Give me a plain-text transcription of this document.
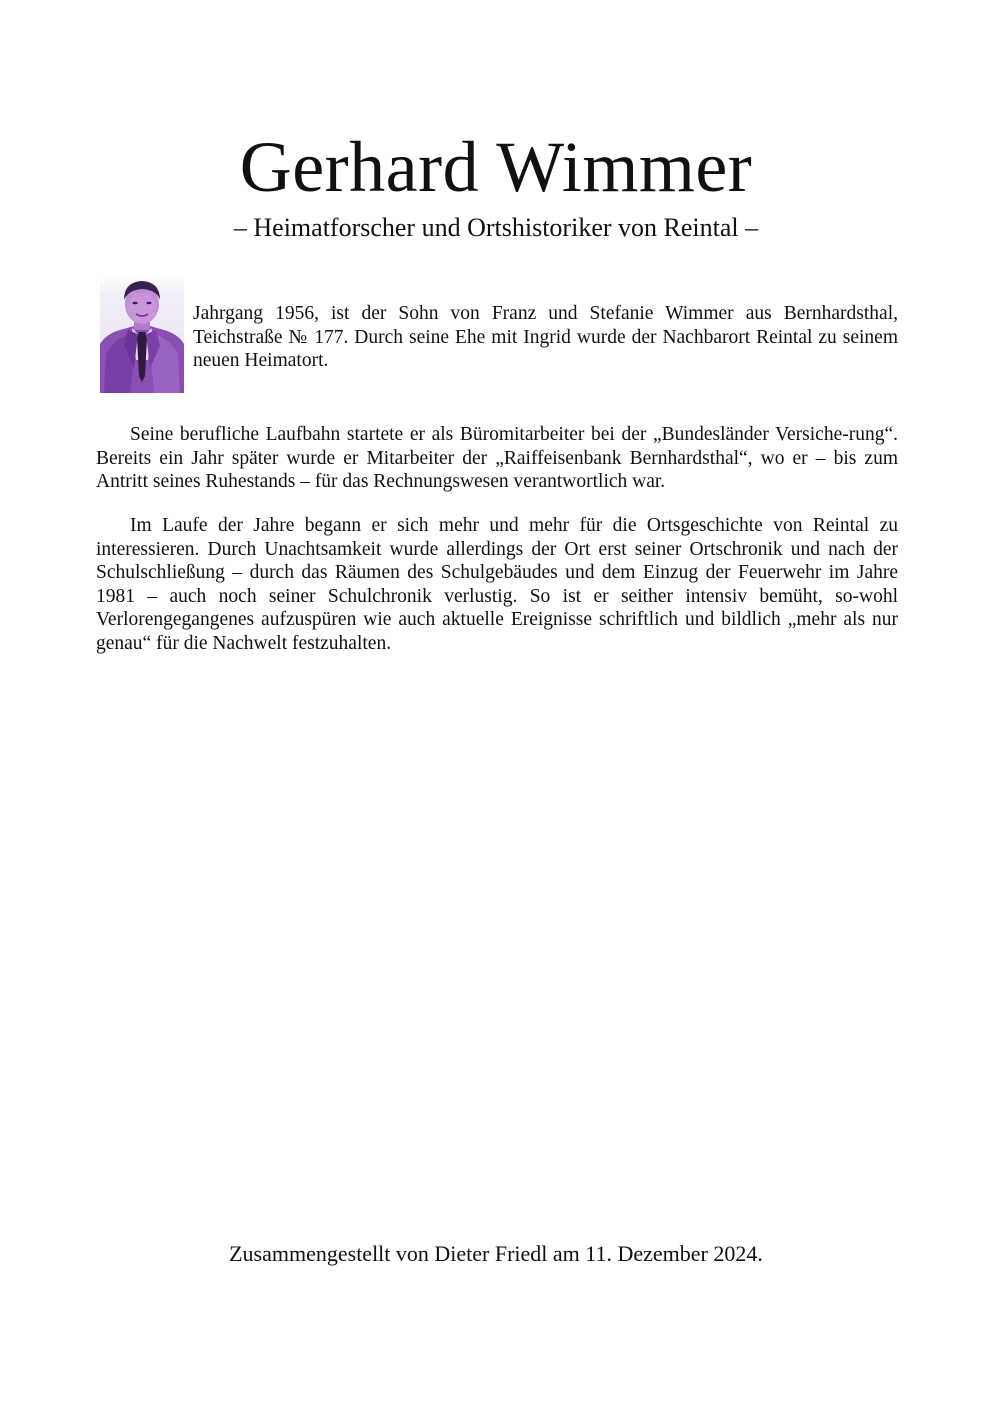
Gerhard Wimmer

– Heimatforscher und Ortshistoriker von Reintal –

Jahrgang 1956, ist der Sohn von Franz und Stefanie Wimmer aus Bernhardsthal, Teichstraße № 177. Durch seine Ehe mit Ingrid wurde der Nachbarort Reintal zu seinem neuen Heimatort.

Seine berufliche Laufbahn startete er als Büromitarbeiter bei der „Bundesländer Versiche-rung“. Bereits ein Jahr später wurde er Mitarbeiter der „Raiffeisenbank Bernhardsthal“, wo er – bis zum Antritt seines Ruhestands – für das Rechnungswesen verantwortlich war.

Im Laufe der Jahre begann er sich mehr und mehr für die Ortsgeschichte von Reintal zu interessieren. Durch Unachtsamkeit wurde allerdings der Ort erst seiner Ortschronik und nach der Schulschließung – durch das Räumen des Schulgebäudes und dem Einzug der Feuerwehr im Jahre 1981 – auch noch seiner Schulchronik verlustig. So ist er seither intensiv bemüht, so-wohl Verlorengegangenes aufzuspüren wie auch aktuelle Ereignisse schriftlich und bildlich „mehr als nur genau“ für die Nachwelt festzuhalten.

Zusammengestellt von Dieter Friedl am 11. Dezember 2024.
